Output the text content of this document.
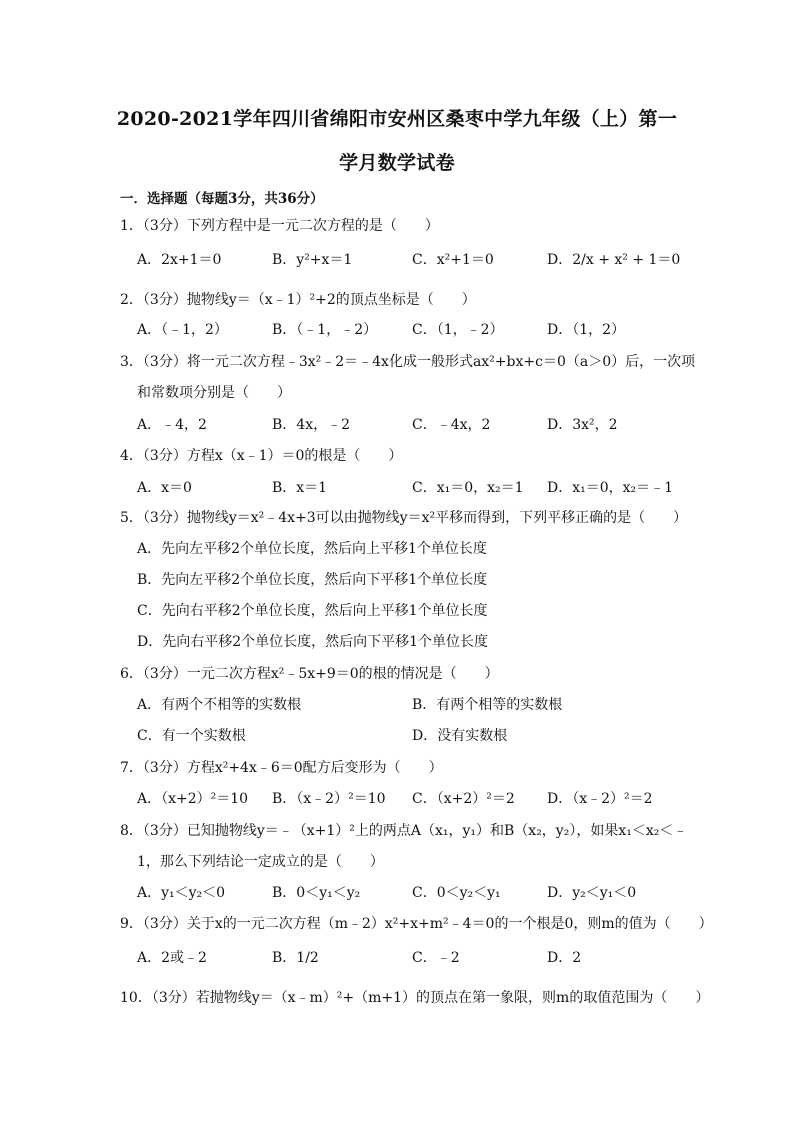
2020-2021学年四川省绵阳市安州区桑枣中学九年级（上）第一
学月数学试卷
一．选择题（每题3分，共36分）
1．（3分）下列方程中是一元二次方程的是（　　）
A．2x+1＝0	B．y²+x＝1	C．x²+1＝0	D．2/x + x² + 1＝0
2．（3分）抛物线y＝（x﹣1）²+2的顶点坐标是（　　）
A．（﹣1，2）	B．（﹣1，﹣2） C．（1，﹣2）	D．（1，2）
3．（3分）将一元二次方程﹣3x²﹣2＝﹣4x化成一般形式ax²+bx+c＝0（a＞0）后，一次项
和常数项分别是（　　）
A．﹣4，2	B．4x，﹣2	C．﹣4x，2	D．3x²，2
4．（3分）方程x（x﹣1）＝0的根是（　　）
A．x＝0	B．x＝1	C．x₁＝0，x₂＝1 D．x₁＝0，x₂＝﹣1
5．（3分）抛物线y＝x²﹣4x+3可以由抛物线y＝x²平移而得到，下列平移正确的是（　　）
A．先向左平移2个单位长度，然后向上平移1个单位长度
B．先向左平移2个单位长度，然后向下平移1个单位长度
C．先向右平移2个单位长度，然后向上平移1个单位长度
D．先向右平移2个单位长度，然后向下平移1个单位长度
6．（3分）一元二次方程x²﹣5x+9＝0的根的情况是（　　）
A．有两个不相等的实数根	B．有两个相等的实数根
C．有一个实数根	D．没有实数根
7．（3分）方程x²+4x﹣6＝0配方后变形为（　　）
A．（x+2）²＝10 B．（x﹣2）²＝10 C．（x+2）²＝2 D．（x﹣2）²＝2
8．（3分）已知抛物线y＝﹣（x+1）²上的两点A（x₁，y₁）和B（x₂，y₂），如果x₁＜x₂＜﹣
1，那么下列结论一定成立的是（　　）
A．y₁＜y₂＜0	B．0＜y₁＜y₂	C．0＜y₂＜y₁	D．y₂＜y₁＜0
9．（3分）关于x的一元二次方程（m﹣2）x²+x+m²﹣4＝0的一个根是0，则m的值为（　　）
A．2或﹣2	B．1/2	C．﹣2	D．2
10．（3分）若抛物线y＝（x﹣m）²+（m+1）的顶点在第一象限，则m的取值范围为（　　）
